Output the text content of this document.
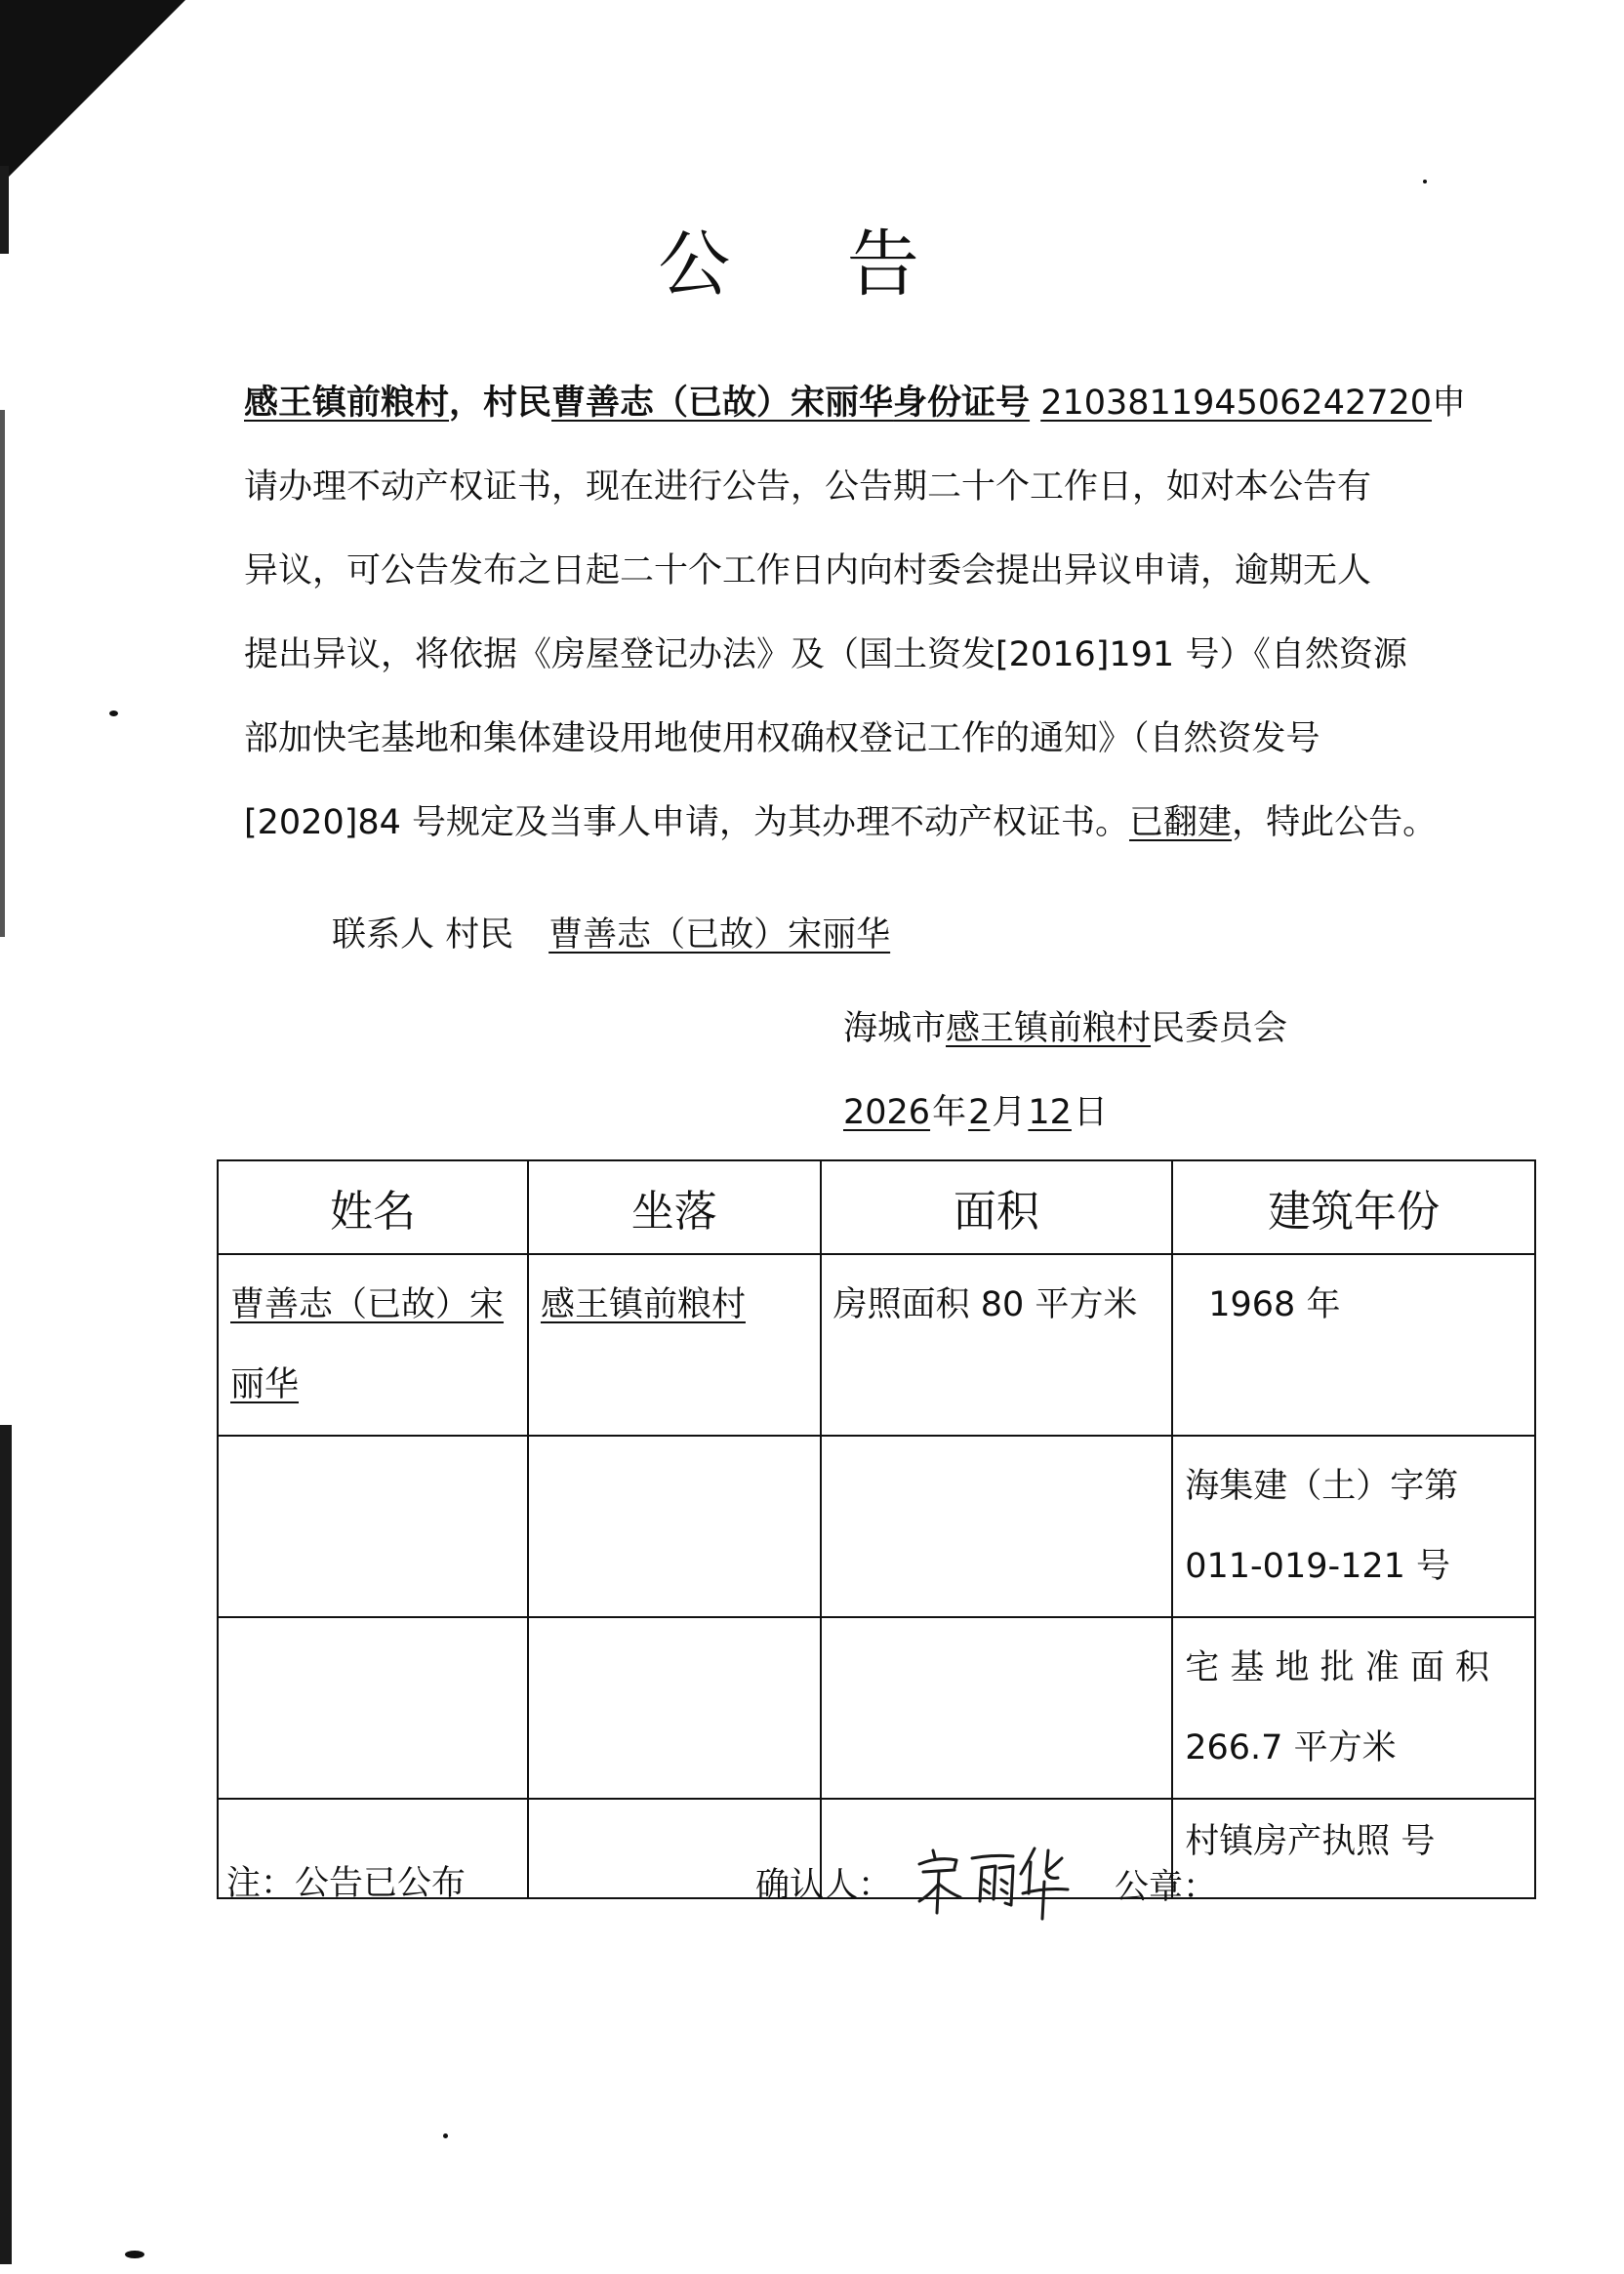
公 告
感王镇前粮村，村民曹善志（已故）宋丽华身份证号 210381194506242720申
请办理不动产权证书，现在进行公告，公告期二十个工作日，如对本公告有
异议，可公告发布之日起二十个工作日内向村委会提出异议申请，逾期无人
提出异议，将依据《房屋登记办法》及（国土资发[2016]191 号）《自然资源
部加快宅基地和集体建设用地使用权确权登记工作的通知》（自然资发号
[2020]84 号规定及当事人申请，为其办理不动产权证书。已翻建，特此公告。
联系人 村民 曹善志（已故）宋丽华
海城市感王镇前粮村民委员会
2026年2月12日
姓名	坐落	面积	建筑年份
曹善志（已故）宋丽华	感王镇前粮村	房照面积 80 平方米	1968 年

			海集建（土）字第
011-019-121 号

			宅 基 地 批 准 面 积
266.7 平方米

			村镇房产执照 号
注：公告已公布	确认人：	公章：
